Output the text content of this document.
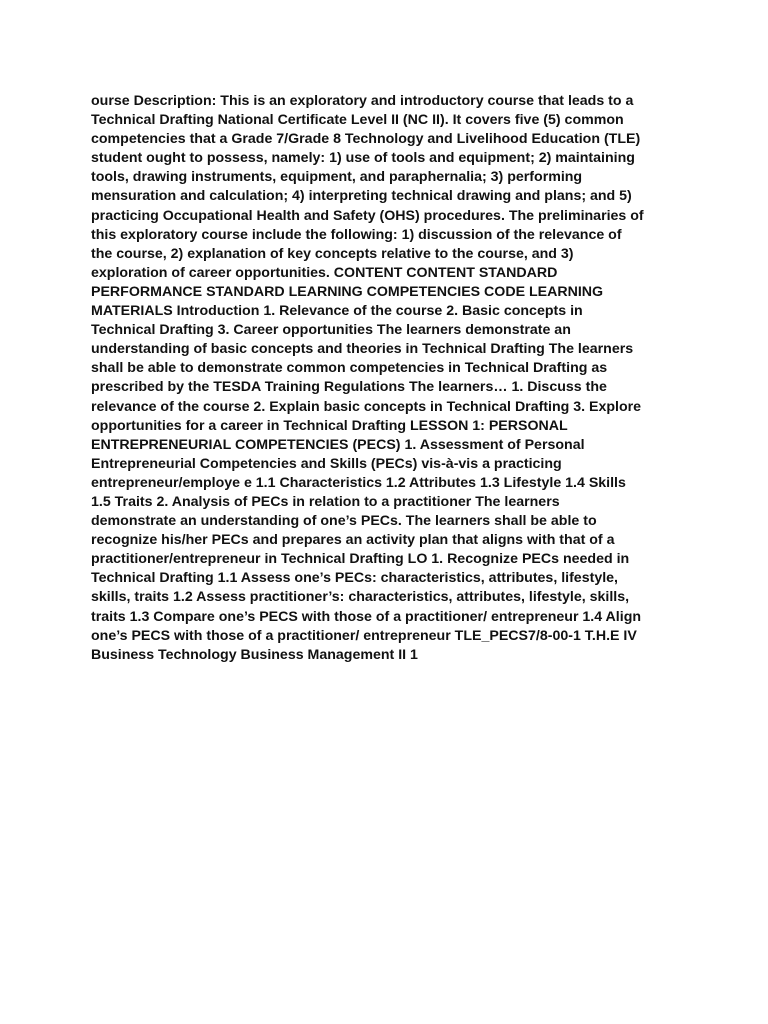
ourse Description: This is an exploratory and introductory course that leads to a
Technical Drafting National Certificate Level II (NC II). It covers five (5) common
competencies that a Grade 7/Grade 8 Technology and Livelihood Education (TLE)
student ought to possess, namely: 1) use of tools and equipment; 2) maintaining
tools, drawing instruments, equipment, and paraphernalia; 3) performing
mensuration and calculation; 4) interpreting technical drawing and plans; and 5)
practicing Occupational Health and Safety (OHS) procedures. The preliminaries of
this exploratory course include the following: 1) discussion of the relevance of
the course, 2) explanation of key concepts relative to the course, and 3)
exploration of career opportunities. CONTENT CONTENT STANDARD
PERFORMANCE STANDARD LEARNING COMPETENCIES CODE LEARNING
MATERIALS Introduction 1. Relevance of the course 2. Basic concepts in
Technical Drafting 3. Career opportunities The learners demonstrate an
understanding of basic concepts and theories in Technical Drafting The learners
shall be able to demonstrate common competencies in Technical Drafting as
prescribed by the TESDA Training Regulations The learners… 1. Discuss the
relevance of the course 2. Explain basic concepts in Technical Drafting 3. Explore
opportunities for a career in Technical Drafting LESSON 1: PERSONAL
ENTREPRENEURIAL COMPETENCIES (PECS) 1. Assessment of Personal
Entrepreneurial Competencies and Skills (PECs) vis-à-vis a practicing
entrepreneur/employe e 1.1 Characteristics 1.2 Attributes 1.3 Lifestyle 1.4 Skills
1.5 Traits 2. Analysis of PECs in relation to a practitioner The learners
demonstrate an understanding of one’s PECs. The learners shall be able to
recognize his/her PECs and prepares an activity plan that aligns with that of a
practitioner/entrepreneur in Technical Drafting LO 1. Recognize PECs needed in
Technical Drafting 1.1 Assess one’s PECs: characteristics, attributes, lifestyle,
skills, traits 1.2 Assess practitioner’s: characteristics, attributes, lifestyle, skills,
traits 1.3 Compare one’s PECS with those of a practitioner/ entrepreneur 1.4 Align
one’s PECS with those of a practitioner/ entrepreneur TLE_PECS7/8-00-1 T.H.E IV
Business Technology Business Management II 1
